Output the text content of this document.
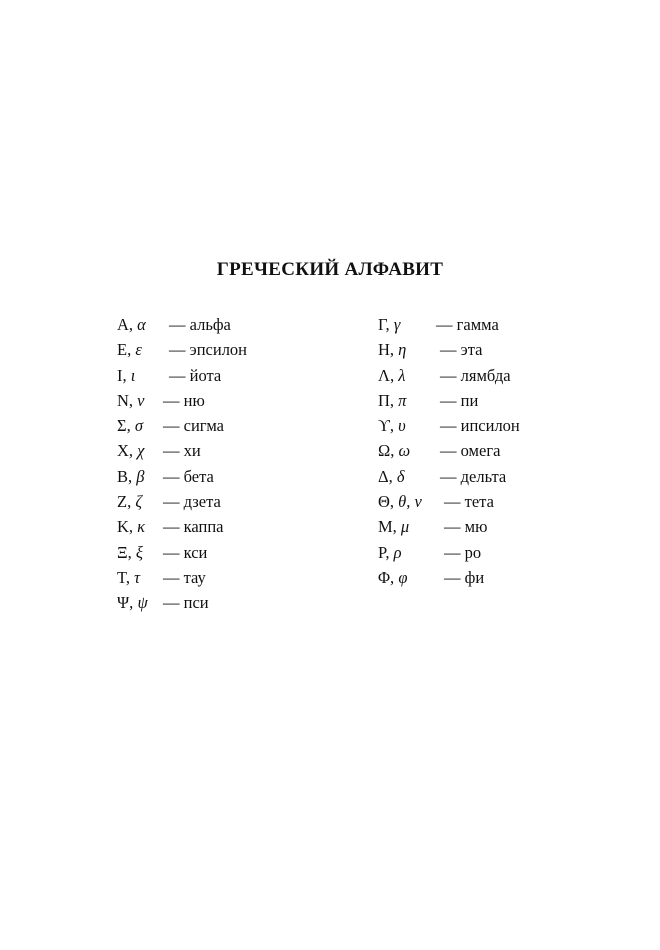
ГРЕЧЕСКИЙ АЛФАВИТ
A, α — альфа
E, ε — эпсилон
I, ι — йота
N, ν — ню
Σ, σ — сигма
X, χ — хи
B, β — бета
Z, ζ — дзета
K, κ — каппа
Ξ, ξ — кси
T, τ — тау
Ψ, ψ — пси
Γ, γ — гамма
H, η — эта
Λ, λ — лямбда
Π, π — пи
ϒ, υ — ипсилон
Ω, ω — омега
Δ, δ — дельта
Θ, θ, ν — тета
M, μ — мю
P, ρ	— ро
Φ, φ — фи
